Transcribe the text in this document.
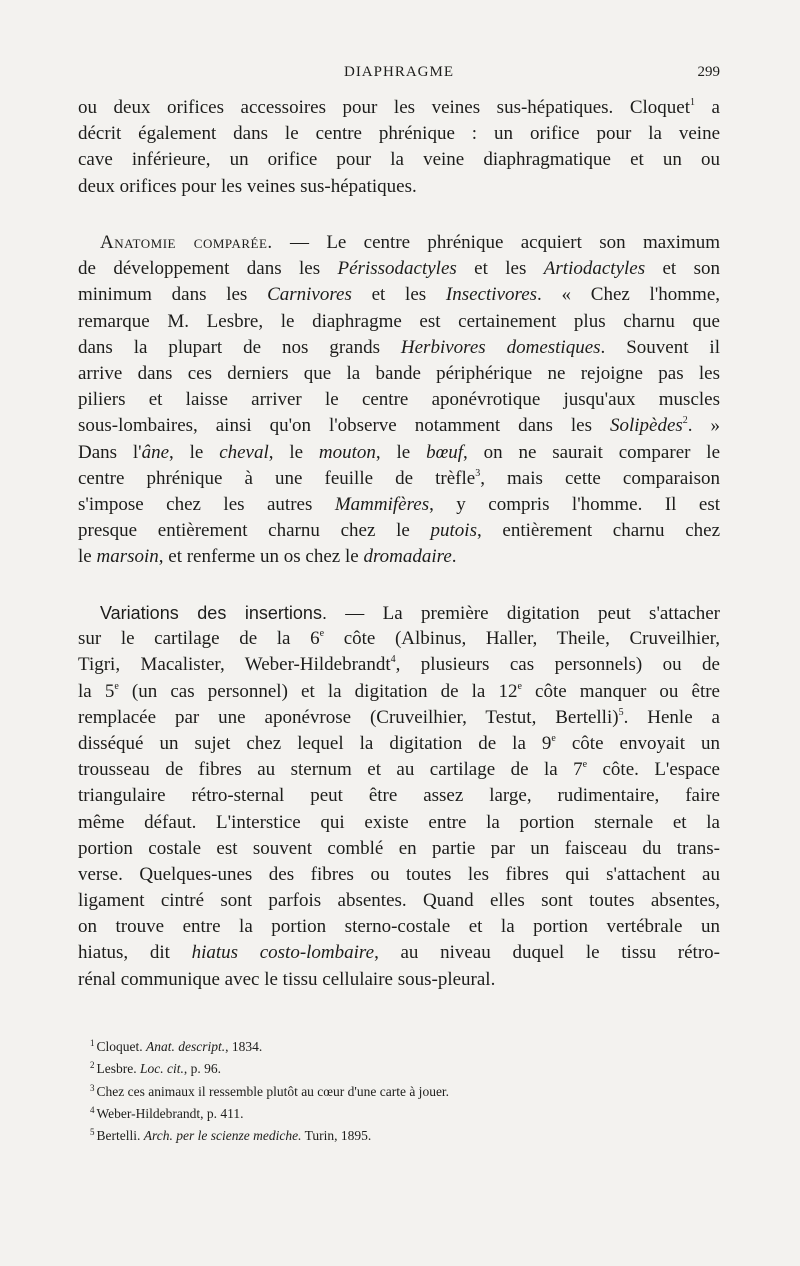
DIAPHRAGME	299
ou deux orifices accessoires pour les veines sus-hépatiques. Cloquet$^1$ a
décrit également dans le centre phrénique : un orifice pour la veine
cave inférieure, un orifice pour la veine diaphragmatique et un ou
deux orifices pour les veines sus-hépatiques.
Anatomie comparée. — Le centre phrénique acquiert son maximum
de développement dans les Périssodactyles et les Artiodactyles et son
minimum dans les Carnivores et les Insectivores. « Chez l'homme,
remarque M. Lesbre, le diaphragme est certainement plus charnu que
dans la plupart de nos grands Herbivores domestiques. Souvent il
arrive dans ces derniers que la bande périphérique ne rejoigne pas les
piliers et laisse arriver le centre aponévrotique jusqu'aux muscles
sous-lombaires, ainsi qu'on l'observe notamment dans les Solipèdes$^2$. »
Dans l'âne, le cheval, le mouton, le bœuf, on ne saurait comparer le
centre phrénique à une feuille de trèfle$^3$, mais cette comparaison
s'impose chez les autres Mammifères, y compris l'homme. Il est
presque entièrement charnu chez le putois, entièrement charnu chez
le marsoin, et renferme un os chez le dromadaire.
Variations des insertions. — La première digitation peut s'attacher
sur le cartilage de la 6e côte (Albinus, Haller, Theile, Cruveilhier,
Tigri, Macalister, Weber-Hildebrandt$^4$, plusieurs cas personnels) ou de
la 5e (un cas personnel) et la digitation de la 12e côte manquer ou être
remplacée par une aponévrose (Cruveilhier, Testut, Bertelli)$^5$. Henle a
disséqué un sujet chez lequel la digitation de la 9e côte envoyait un
trousseau de fibres au sternum et au cartilage de la 7e côte. L'espace
triangulaire rétro-sternal peut être assez large, rudimentaire, faire
même défaut. L'interstice qui existe entre la portion sternale et la
portion costale est souvent comblé en partie par un faisceau du trans-
verse. Quelques-unes des fibres ou toutes les fibres qui s'attachent au
ligament cintré sont parfois absentes. Quand elles sont toutes absentes,
on trouve entre la portion sterno-costale et la portion vertébrale un
hiatus, dit hiatus costo-lombaire, au niveau duquel le tissu rétro-
rénal communique avec le tissu cellulaire sous-pleural.
$^1$ Cloquet. Anat. descript., 1834.
$^2$ Lesbre. Loc. cit., p. 96.
$^3$ Chez ces animaux il ressemble plutôt au cœur d'une carte à jouer.
$^4$ Weber-Hildebrandt, p. 411.
$^5$ Bertelli. Arch. per le scienze mediche. Turin, 1895.
